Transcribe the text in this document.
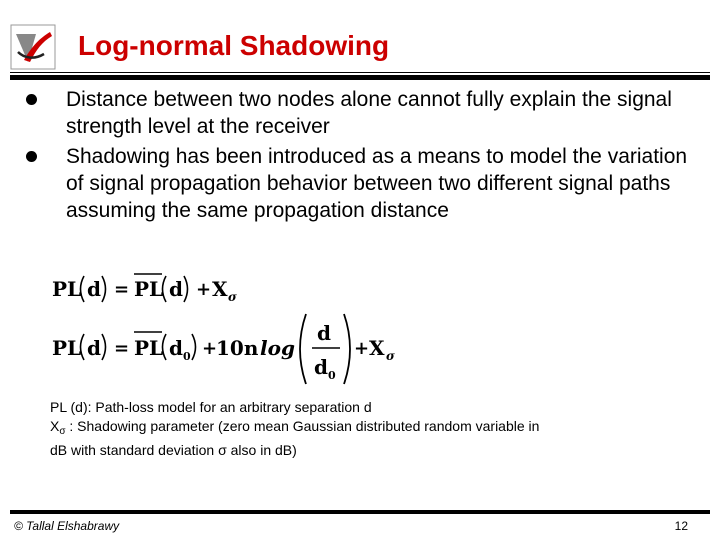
Log-normal Shadowing
Distance between two nodes alone cannot fully explain the signal strength level at the receiver
Shadowing has been introduced as a means to model the variation of signal propagation behavior between two different signal paths assuming the same propagation distance
PL d = PL d + X σ
PL d = PL d 0 +
10n log
d
d 0
+ X σ

PL (d): Path-loss model for an arbitrary separation d

$X_\sigma$ : Shadowing parameter (zero mean Gaussian distributed random variable in

dB with standard deviation σ also in dB)

© Tallal Elshabrawy	12
